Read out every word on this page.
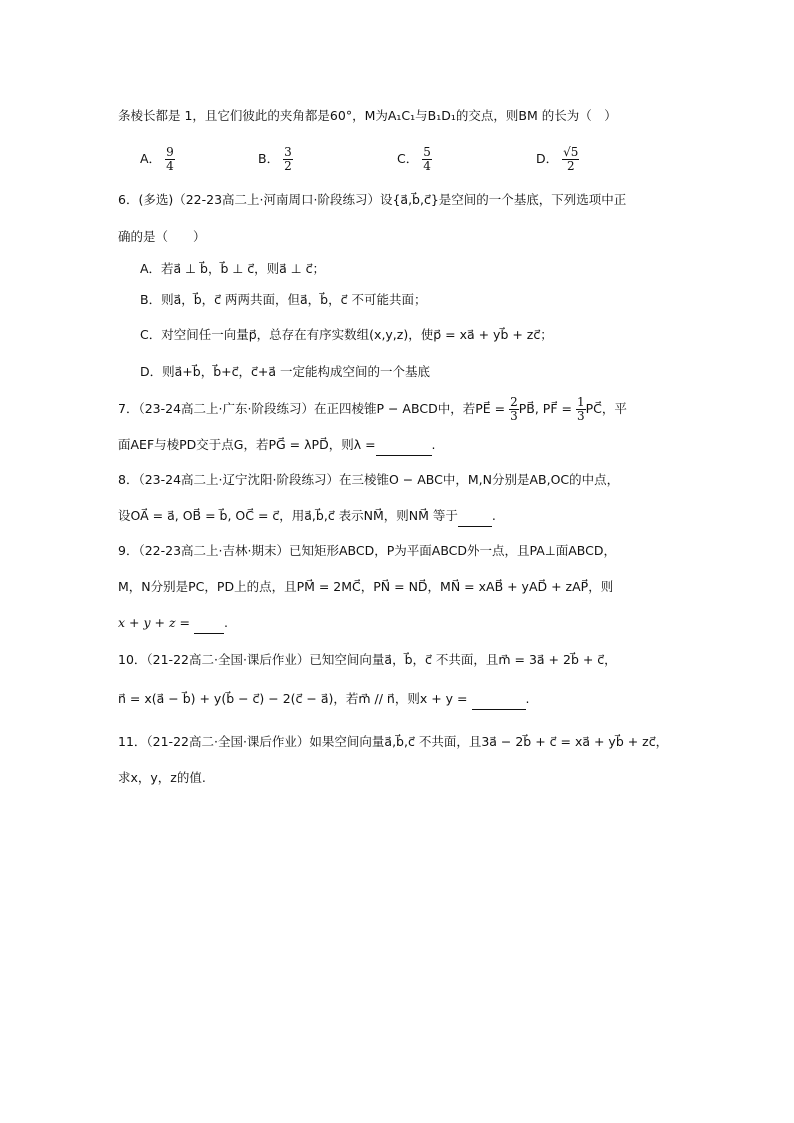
条棱长都是 1，且它们彼此的夹角都是60°，M为A₁C₁与B₁D₁的交点，则BM 的长为（　）
A． $\frac{9}{4}$	B． $\frac{3}{2}$	C． $\frac{5}{4}$	D． $\frac{√5}{2}$
6．(多选)（22-23高二上·河南周口·阶段练习）设{a⃗,b⃗,c⃗}是空间的一个基底，下列选项中正
确的是（　　）
A．若a⃗ ⊥ b⃗，b⃗ ⊥ c⃗，则a⃗ ⊥ c⃗；
B．则a⃗，b⃗，c⃗ 两两共面，但a⃗，b⃗，c⃗ 不可能共面；
C．对空间任一向量p⃗，总存在有序实数组(x,y,z)，使p⃗ = xa⃗ + yb⃗ + zc⃗；
D．则a⃗+b⃗，b⃗+c⃗，c⃗+a⃗ 一定能构成空间的一个基底
7．（23-24高二上·广东·阶段练习）在正四棱锥P − ABCD中，若PE⃗ = $\frac{2}{3}$ PB⃗, PF⃗ = $\frac{1}{3}$ PC⃗，平
面AEF与棱PD交于点G，若PG⃗ = λPD⃗，则λ =	.
8．（23-24高二上·辽宁沈阳·阶段练习）在三棱锥O − ABC中，M,N分别是AB,OC的中点，
设OA⃗ = a⃗, OB⃗ = b⃗, OC⃗ = c⃗，用a⃗,b⃗,c⃗ 表示NM⃗，则NM⃗ 等于	.
9．（22-23高二上·吉林·期末）已知矩形ABCD，P为平面ABCD外一点，且PA⊥面ABCD，
M，N分别是PC，PD上的点，且PM⃗ = 2MC⃗，PN⃗ = ND⃗，MN⃗ = xAB⃗ + yAD⃗ + zAP⃗，则
x + y + z =	.
10．（21-22高二·全国·课后作业）已知空间向量a⃗，b⃗，c⃗ 不共面，且m⃗ = 3a⃗ + 2b⃗ + c⃗，
n⃗ = x(a⃗ − b⃗) + y(b⃗ − c⃗) − 2(c⃗ − a⃗)，若m⃗ // n⃗，则x + y =	.
11．（21-22高二·全国·课后作业）如果空间向量a⃗,b⃗,c⃗ 不共面，且3a⃗ − 2b⃗ + c⃗ = xa⃗ + yb⃗ + zc⃗，
求x，y，z的值.
